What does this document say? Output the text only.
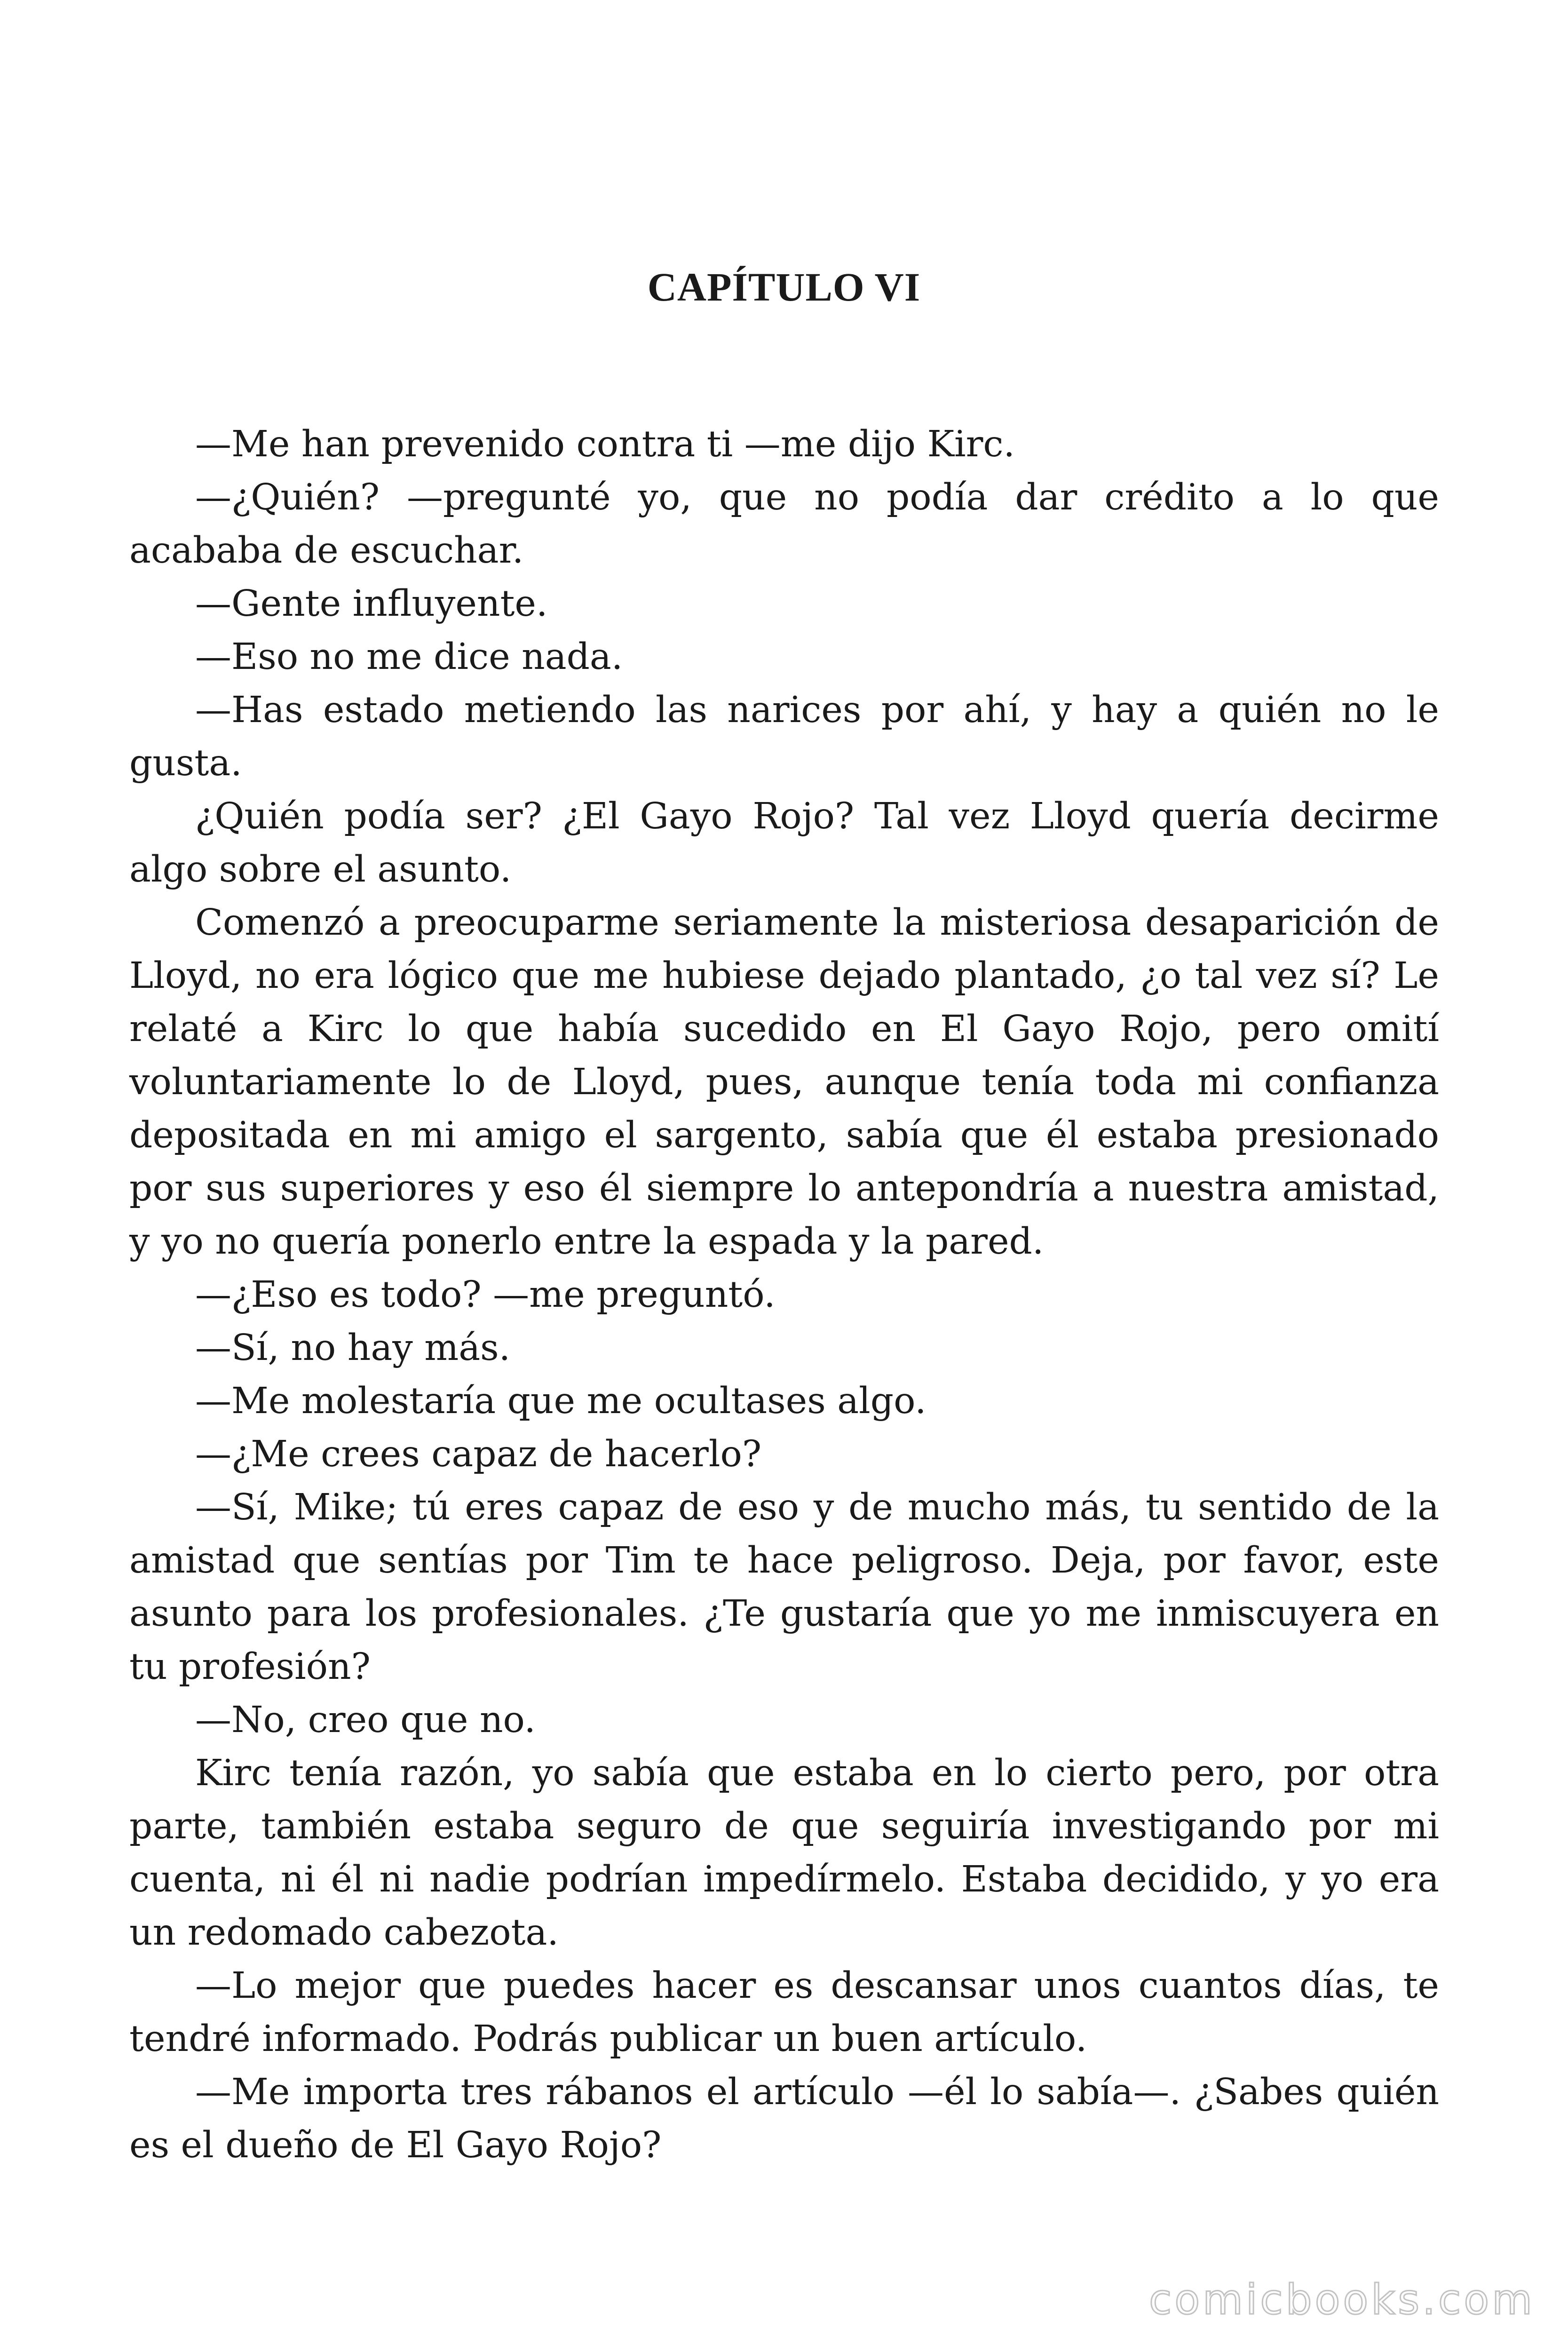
CAPÍTULO VI

—Me han prevenido contra ti —me dijo Kirc.

—¿Quién? —pregunté yo, que no podía dar crédito a lo que acababa de escuchar.

—Gente influyente.

—Eso no me dice nada.

—Has estado metiendo las narices por ahí, y hay a quién no le gusta.

¿Quién podía ser? ¿El Gayo Rojo? Tal vez Lloyd quería decirme algo sobre el asunto.

Comenzó a preocuparme seriamente la misteriosa desaparición de Lloyd, no era lógico que me hubiese dejado plantado, ¿o tal vez sí? Le relaté a Kirc lo que había sucedido en El Gayo Rojo, pero omití voluntariamente lo de Lloyd, pues, aunque tenía toda mi confianza depositada en mi amigo el sargento, sabía que él estaba presionado por sus superiores y eso él siempre lo antepondría a nuestra amistad, y yo no quería ponerlo entre la espada y la pared.

—¿Eso es todo? —me preguntó.

—Sí, no hay más.

—Me molestaría que me ocultases algo.

—¿Me crees capaz de hacerlo?

—Sí, Mike; tú eres capaz de eso y de mucho más, tu sentido de la amistad que sentías por Tim te hace peligroso. Deja, por favor, este asunto para los profesionales. ¿Te gustaría que yo me inmiscuyera en tu profesión?

—No, creo que no.

Kirc tenía razón, yo sabía que estaba en lo cierto pero, por otra parte, también estaba seguro de que seguiría investigando por mi cuenta, ni él ni nadie podrían impedírmelo. Estaba decidido, y yo era un redomado cabezota.

—Lo mejor que puedes hacer es descansar unos cuantos días, te tendré informado. Podrás publicar un buen artículo.

—Me importa tres rábanos el artículo —él lo sabía—. ¿Sabes quién es el dueño de El Gayo Rojo?

comicbooks.com
